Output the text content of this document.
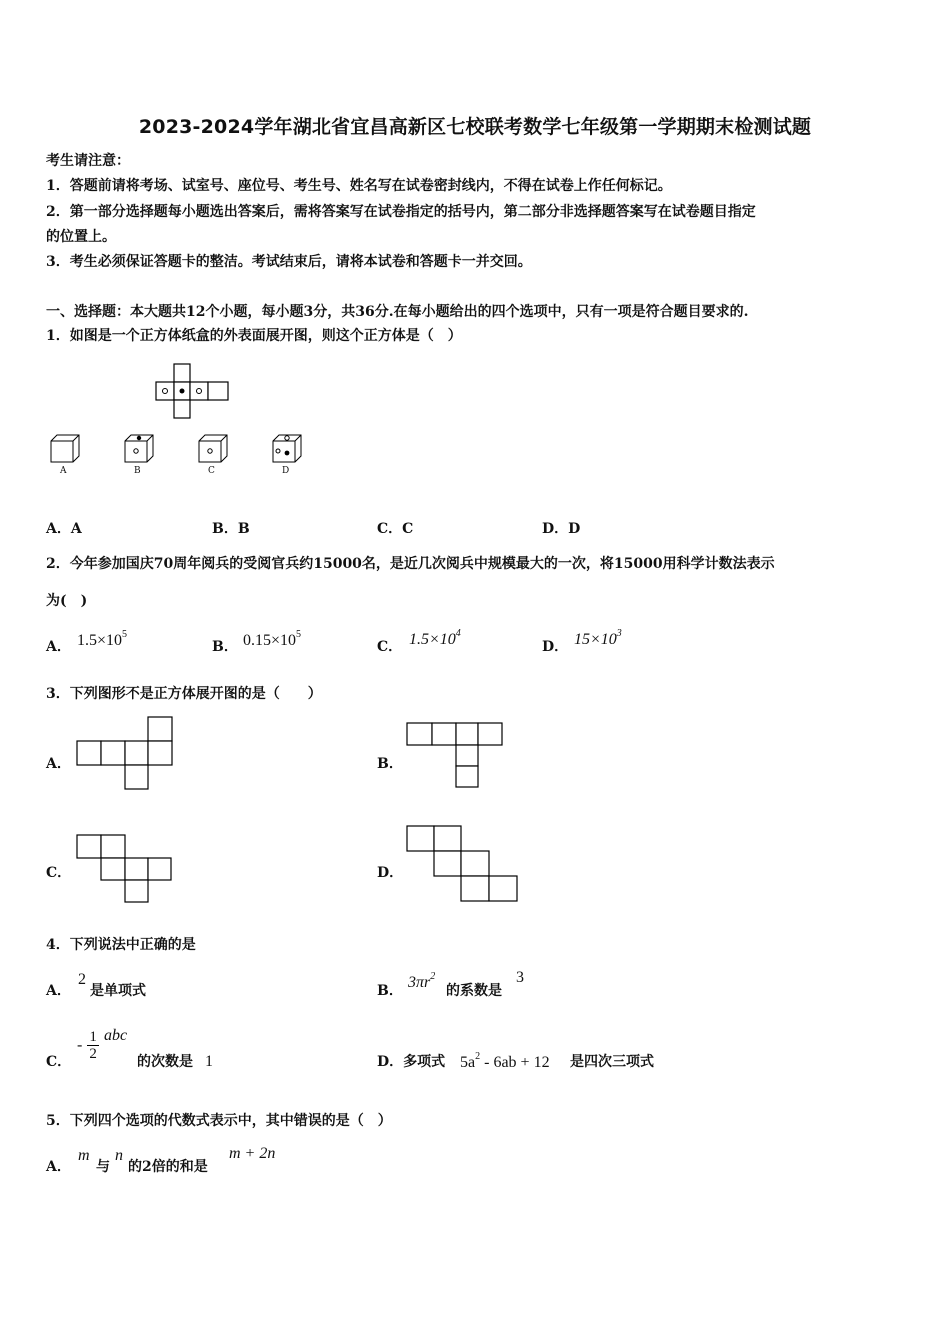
2023-2024学年湖北省宜昌高新区七校联考数学七年级第一学期期末检测试题
考生请注意：
1．答题前请将考场、试室号、座位号、考生号、姓名写在试卷密封线内，不得在试卷上作任何标记。
2．第一部分选择题每小题选出答案后，需将答案写在试卷指定的括号内，第二部分非选择题答案写在试卷题目指定
的位置上。
3．考生必须保证答题卡的整洁。考试结束后，请将本试卷和答题卡一并交回。
一、选择题：本大题共12个小题，每小题3分，共36分.在每小题给出的四个选项中，只有一项是符合题目要求的.
1．如图是一个正方体纸盒的外表面展开图，则这个正方体是（　）
A	B	C	D
A．A	B．B	C．C	D．D
2．今年参加国庆70周年阅兵的受阅官兵约15000名，是近几次阅兵中规模最大的一次，将15000用科学计数法表示
为(　)
A． $1.5\times 10^5$
B． $0.15\times 10^5$
C． $1.5\times 10^4$
D． $15\times 10^3$
3．下列图形不是正方体展开图的是（　　）
A．	B．
C．	D．
4．下列说法中正确的是
A．
2
是单项式	B． $3\pi r^2$
的系数是
3
C．
- $\frac{1}{2}$ abc
的次数是 1	D．多项式 $5a^2 - 6ab + 12$ 是四次三项式
5．下列四个选项的代数式表示中，其中错误的是（　）
A．
m
与
n
的2倍的和是
m + 2n
